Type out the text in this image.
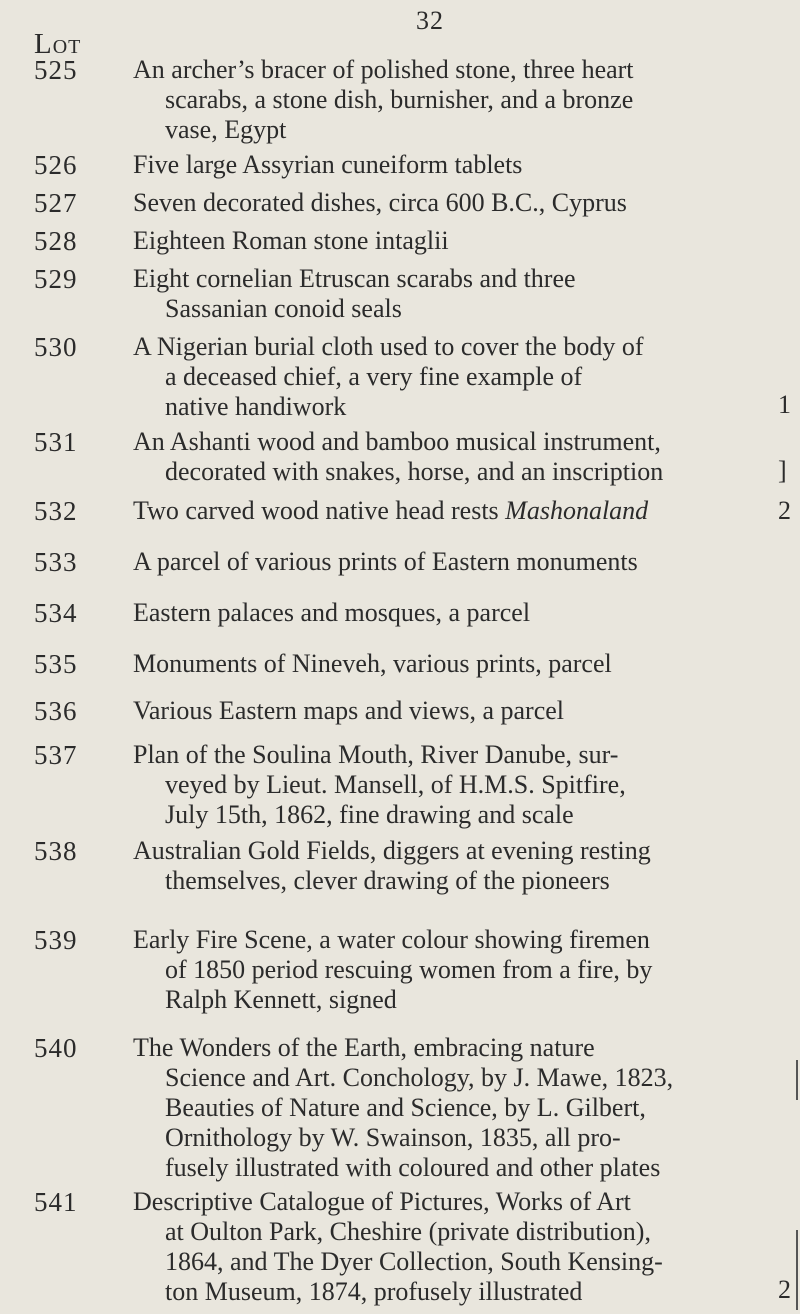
32
Lot
525 An archer’s bracer of polished stone, three heart
scarabs, a stone dish, burnisher, and a bronze
vase, Egypt
526 Five large Assyrian cuneiform tablets
527 Seven decorated dishes, circa 600 B.C., Cyprus
528 Eighteen Roman stone intaglii
529 Eight cornelian Etruscan scarabs and three
Sassanian conoid seals
530 A Nigerian burial cloth used to cover the body of
a deceased chief, a very fine example of
native handiwork
531 An Ashanti wood and bamboo musical instrument,
decorated with snakes, horse, and an inscription
532 Two carved wood native head rests Mashonaland
533 A parcel of various prints of Eastern monuments
534 Eastern palaces and mosques, a parcel
535 Monuments of Nineveh, various prints, parcel
536 Various Eastern maps and views, a parcel
537 Plan of the Soulina Mouth, River Danube, sur-
veyed by Lieut. Mansell, of H.M.S. Spitfire,
July 15th, 1862, fine drawing and scale
538 Australian Gold Fields, diggers at evening resting
themselves, clever drawing of the pioneers
539 Early Fire Scene, a water colour showing firemen
of 1850 period rescuing women from a fire, by
Ralph Kennett, signed
540 The Wonders of the Earth, embracing nature
Science and Art. Conchology, by J. Mawe, 1823,
Beauties of Nature and Science, by L. Gilbert,
Ornithology by W. Swainson, 1835, all pro-
fusely illustrated with coloured and other plates
541 Descriptive Catalogue of Pictures, Works of Art
at Oulton Park, Cheshire (private distribution),
1864, and The Dyer Collection, South Kensing-
ton Museum, 1874, profusely illustrated
1
]
2
2
